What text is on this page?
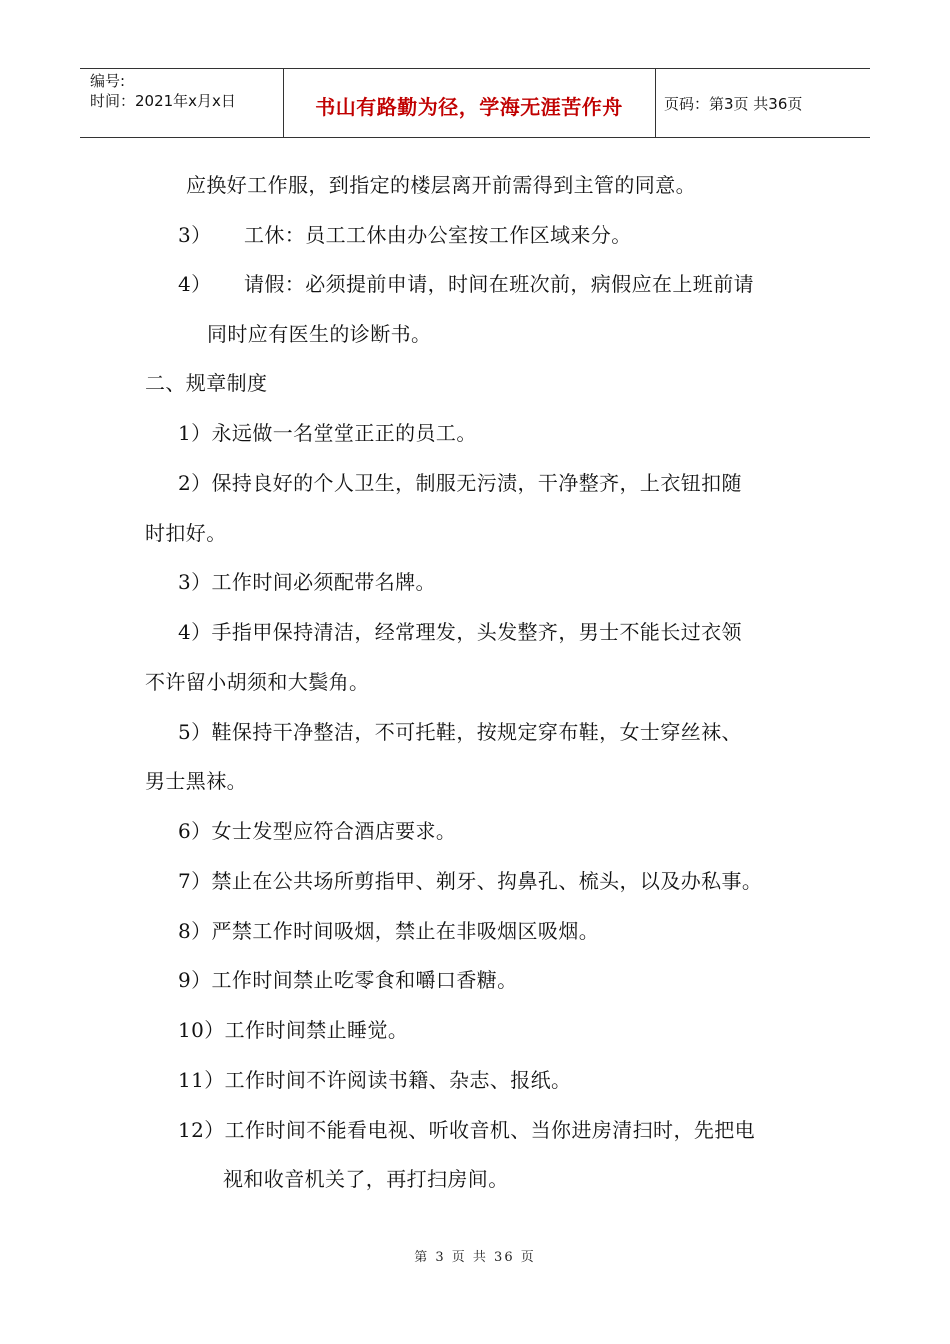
编号:
时间：2021年x月x日	书山有路勤为径，学海无涯苦作舟	页码：第3页 共36页
应换好工作服，到指定的楼层离开前需得到主管的同意。
3） 工休：员工工休由办公室按工作区域来分。
4） 请假：必须提前申请，时间在班次前，病假应在上班前请
同时应有医生的诊断书。
二、规章制度
1）永远做一名堂堂正正的员工。
2）保持良好的个人卫生，制服无污渍，干净整齐，上衣钮扣随
时扣好。
3）工作时间必须配带名牌。
4）手指甲保持清洁，经常理发，头发整齐，男士不能长过衣领
不许留小胡须和大鬓角。
5）鞋保持干净整洁，不可托鞋，按规定穿布鞋，女士穿丝袜、
男士黑袜。
6）女士发型应符合酒店要求。
7）禁止在公共场所剪指甲、剃牙、抅鼻孔、梳头，以及办私事。
8）严禁工作时间吸烟，禁止在非吸烟区吸烟。
9）工作时间禁止吃零食和嚼口香糖。
10）工作时间禁止睡觉。
11）工作时间不许阅读书籍、杂志、报纸。
12）工作时间不能看电视、听收音机、当你进房清扫时，先把电
视和收音机关了，再打扫房间。
第 3 页 共 36 页
